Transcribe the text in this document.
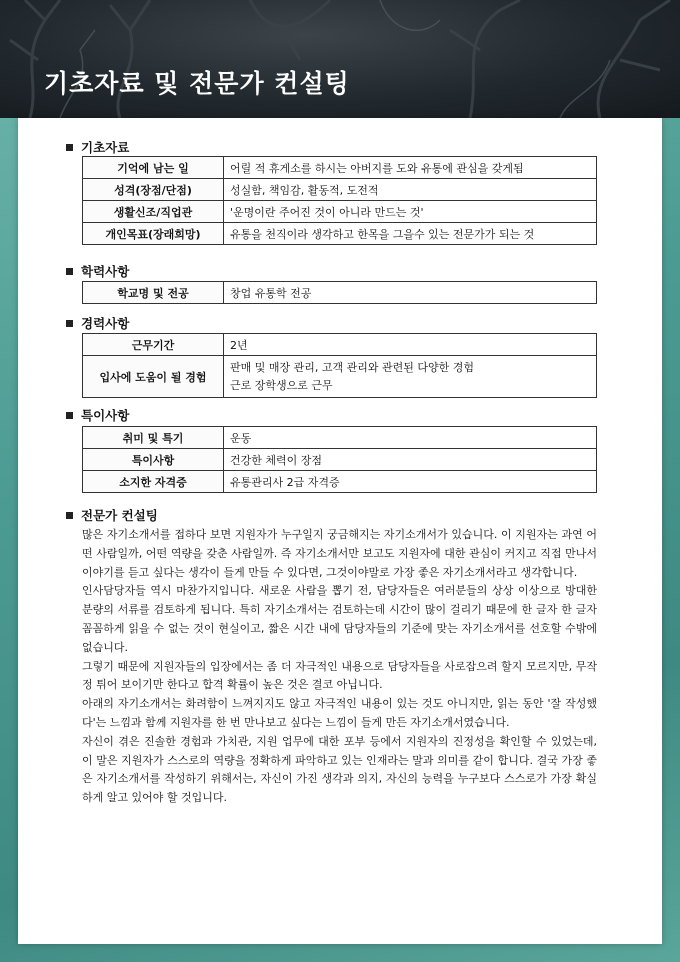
기초자료 및 전문가 컨설팅
기초자료
기억에 남는 일	어릴 적 휴게소를 하시는 아버지를 도와 유통에 관심을 갖게됨
성격(장점/단점)	성실함, 책임감, 활동적, 도전적
생활신조/직업관	'운명이란 주어진 것이 아니라 만드는 것'
개인목표(장래희망)	유통을 천직이라 생각하고 한목을 그을수 있는 전문가가 되는 것
학력사항
학교명 및 전공	창업 유통학 전공
경력사항
근무기간	2년
입사에 도움이 될 경험	판매 및 매장 관리, 고객 관리와 관련된 다양한 경험
근로 장학생으로 근무
특이사항
취미 및 특기	운동
특이사항	건강한 체력이 장점
소지한 자격증	유통관리사 2급 자격증
전문가 컨설팅

많은 자기소개서를 접하다 보면 지원자가 누구일지 궁금해지는 자기소개서가 있습니다. 이 지원자는 과연 어떤 사람일까, 어떤 역량을 갖춘 사람일까. 즉 자기소개서만 보고도 지원자에 대한 관심이 커지고 직접 만나서 이야기를 듣고 싶다는 생각이 들게 만들 수 있다면, 그것이야말로 가장 좋은 자기소개서라고 생각합니다.

인사담당자들 역시 마찬가지입니다. 새로운 사람을 뽑기 전, 담당자들은 여러분들의 상상 이상으로 방대한 분량의 서류를 검토하게 됩니다. 특히 자기소개서는 검토하는데 시간이 많이 걸리기 때문에 한 글자 한 글자 꼼꼼하게 읽을 수 없는 것이 현실이고, 짧은 시간 내에 담당자들의 기준에 맞는 자기소개서를 선호할 수밖에 없습니다.

그렇기 때문에 지원자들의 입장에서는 좀 더 자극적인 내용으로 담당자들을 사로잡으려 할지 모르지만, 무작정 튀어 보이기만 한다고 합격 확률이 높은 것은 결코 아닙니다.

아래의 자기소개서는 화려함이 느껴지지도 않고 자극적인 내용이 있는 것도 아니지만, 읽는 동안 '잘 작성했다'는 느낌과 함께 지원자를 한 번 만나보고 싶다는 느낌이 들게 만든 자기소개서였습니다.

자신이 겪은 진솔한 경험과 가치관, 지원 업무에 대한 포부 등에서 지원자의 진정성을 확인할 수 있었는데, 이 말은 지원자가 스스로의 역량을 정확하게 파악하고 있는 인재라는 말과 의미를 같이 합니다. 결국 가장 좋은 자기소개서를 작성하기 위해서는, 자신이 가진 생각과 의지, 자신의 능력을 누구보다 스스로가 가장 확실하게 알고 있어야 할 것입니다.
